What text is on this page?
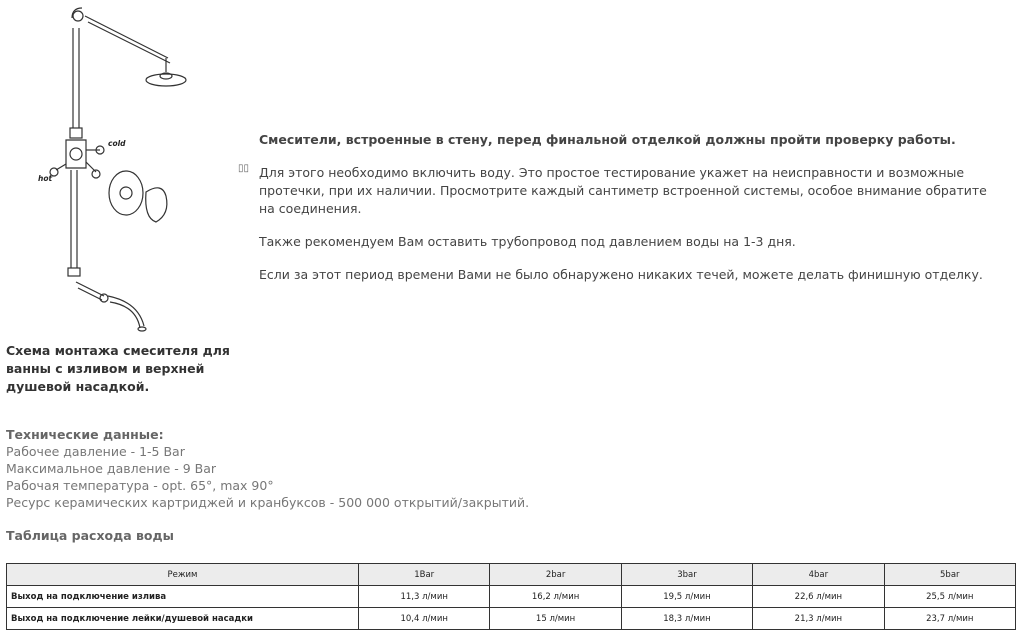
cold
hot
Схема монтажа смесителя для ванны с изливом и верхней душевой насадкой.
▯▯

Смесители, встроенные в стену, перед финальной отделкой должны пройти проверку работы.

Для этого необходимо включить воду. Это простое тестирование укажет на неисправности и возможные протечки, при их наличии. Просмотрите каждый сантиметр встроенной системы, особое внимание обратите на соединения.

Также рекомендуем Вам оставить трубопровод под давлением воды на 1-3 дня.

Если за этот период времени Вами не было обнаружено никаких течей, можете делать финишную отделку.

Технические данные:
Рабочее давление - 1-5 Bar
Максимальное давление - 9 Bar
Рабочая температура - opt. 65°, max 90°
Ресурс керамических картриджей и кранбуксов - 500 000 открытий/закрытий.
Таблица расхода воды
Режим	1Bar	2bar	3bar	4bar	5bar
Выход на подключение излива	11,3 л/мин	16,2 л/мин	19,5 л/мин	22,6 л/мин	25,5 л/мин
Выход на подключение лейки/душевой насадки	10,4 л/мин	15 л/мин	18,3 л/мин	21,3 л/мин	23,7 л/мин
